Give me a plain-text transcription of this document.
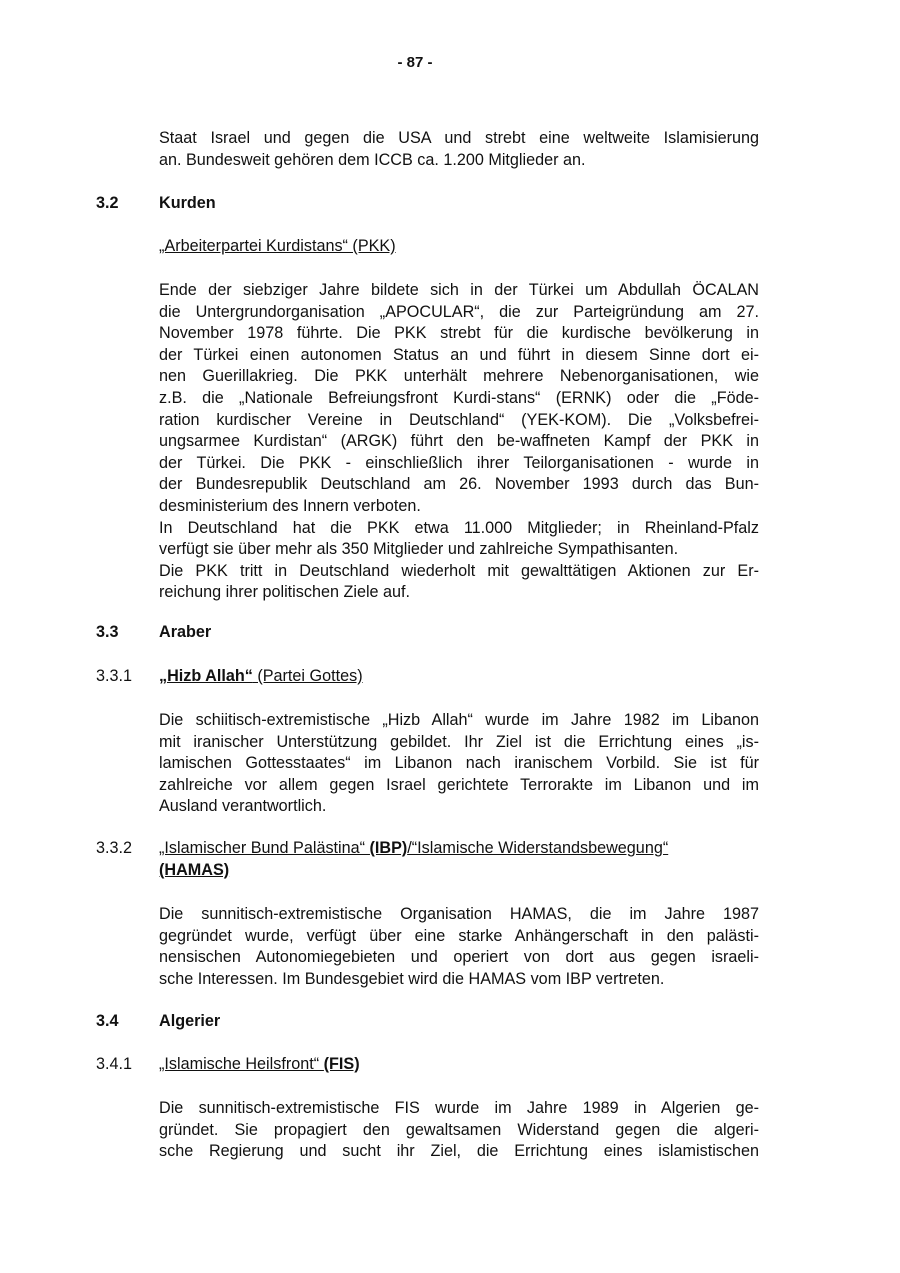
- 87 -

Staat Israel und gegen die USA und strebt eine weltweite Islamisierung
an. Bundesweit gehören dem ICCB ca. 1.200 Mitglieder an.

3.2 Kurden
„Arbeiterpartei Kurdistans“ (PKK)

Ende der siebziger Jahre bildete sich in der Türkei um Abdullah ÖCALAN
die Untergrundorganisation „APOCULAR“, die zur Parteigründung am 27.
November 1978 führte. Die PKK strebt für die kurdische bevölkerung in
der Türkei einen autonomen Status an und führt in diesem Sinne dort ei-
nen Guerillakrieg. Die PKK unterhält mehrere Nebenorganisationen, wie
z.B. die „Nationale Befreiungsfront Kurdi-stans“ (ERNK) oder die „Föde-
ration kurdischer Vereine in Deutschland“ (YEK-KOM). Die „Volksbefrei-
ungsarmee Kurdistan“ (ARGK) führt den be-waffneten Kampf der PKK in
der Türkei. Die PKK - einschließlich ihrer Teilorganisationen - wurde in
der Bundesrepublik Deutschland am 26. November 1993 durch das Bun-
desministerium des Innern verboten.
In Deutschland hat die PKK etwa 11.000 Mitglieder; in Rheinland-Pfalz
verfügt sie über mehr als 350 Mitglieder und zahlreiche Sympathisanten.
Die PKK tritt in Deutschland wiederholt mit gewalttätigen Aktionen zur Er-
reichung ihrer politischen Ziele auf.

3.3 Araber
3.3.1 „Hizb Allah“ (Partei Gottes)

Die schiitisch-extremistische „Hizb Allah“ wurde im Jahre 1982 im Libanon
mit iranischer Unterstützung gebildet. Ihr Ziel ist die Errichtung eines „is-
lamischen Gottesstaates“ im Libanon nach iranischem Vorbild. Sie ist für
zahlreiche vor allem gegen Israel gerichtete Terrorakte im Libanon und im
Ausland verantwortlich.

3.3.2 „Islamischer Bund Palästina“ (IBP)/“Islamische Widerstandsbewegung“
(HAMAS)

Die sunnitisch-extremistische Organisation HAMAS, die im Jahre 1987
gegründet wurde, verfügt über eine starke Anhängerschaft in den palästi-
nensischen Autonomiegebieten und operiert von dort aus gegen israeli-
sche Interessen. Im Bundesgebiet wird die HAMAS vom IBP vertreten.

3.4 Algerier
3.4.1 „Islamische Heilsfront“ (FIS)

Die sunnitisch-extremistische FIS wurde im Jahre 1989 in Algerien ge-
gründet. Sie propagiert den gewaltsamen Widerstand gegen die algeri-
sche Regierung und sucht ihr Ziel, die Errichtung eines islamistischen
